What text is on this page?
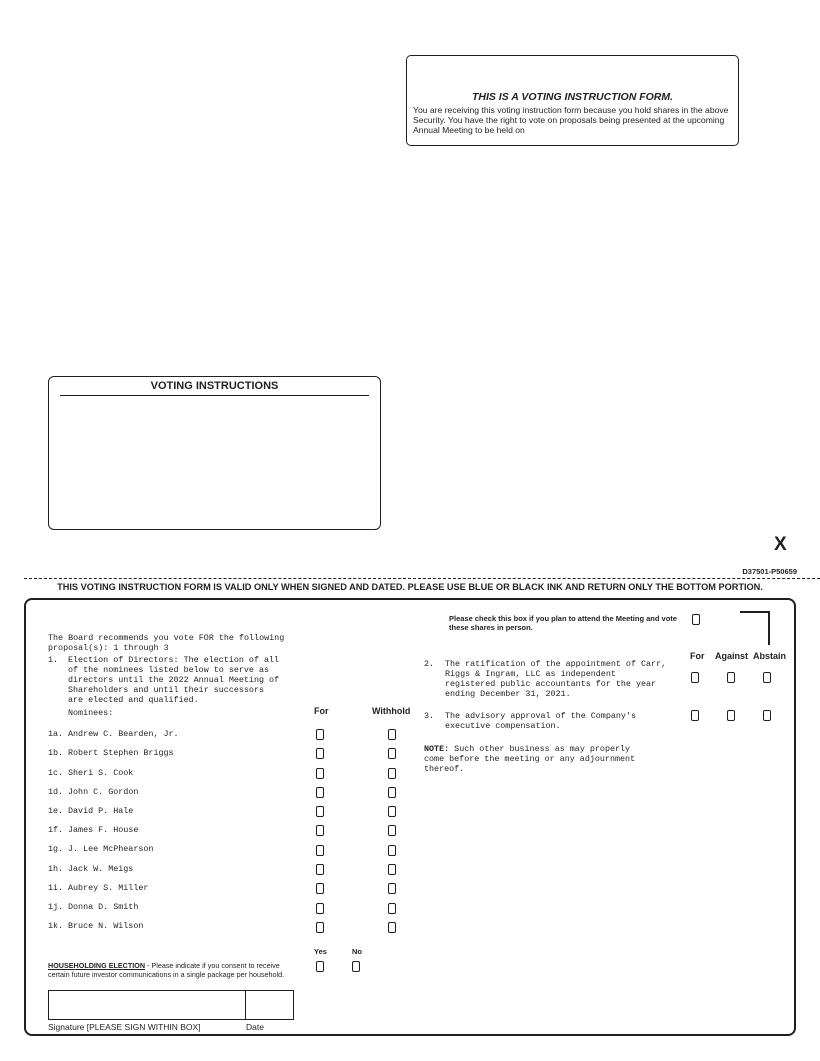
THIS IS A VOTING INSTRUCTION FORM.
You are receiving this voting instruction form because you hold shares in the above Security. You have the right to vote on proposals being presented at the upcoming Annual Meeting to be held on
VOTING INSTRUCTIONS
X
D37501-P50659
THIS VOTING INSTRUCTION FORM IS VALID ONLY WHEN SIGNED AND DATED. PLEASE USE BLUE OR BLACK INK AND RETURN ONLY THE BOTTOM PORTION.
The Board recommends you vote FOR the following proposal(s): 1 through 3
1. Election of Directors: The election of all of the nominees listed below to serve as directors until the 2022 Annual Meeting of Shareholders and until their successors are elected and qualified.
Nominees:	For	Withhold
1a. Andrew C. Bearden, Jr.
1b. Robert Stephen Briggs
1c. Sheri S. Cook
1d. John C. Gordon
1e. David P. Hale
1f. James F. House
1g. J. Lee McPhearson
1h. Jack W. Meigs
1i. Aubrey S. Miller
1j. Donna D. Smith
1k. Bruce N. Wilson
Please check this box if you plan to attend the Meeting and vote these shares in person.
For Against Abstain
2. The ratification of the appointment of Carr, Riggs & Ingram, LLC as independent registered public accountants for the year ending December 31, 2021.
3. The advisory approval of the Company's executive compensation.
NOTE: Such other business as may properly come before the meeting or any adjournment thereof.
Yes	No
HOUSEHOLDING ELECTION - Please indicate if you consent to receive certain future investor communications in a single package per household.
Signature [PLEASE SIGN WITHIN BOX]	Date
